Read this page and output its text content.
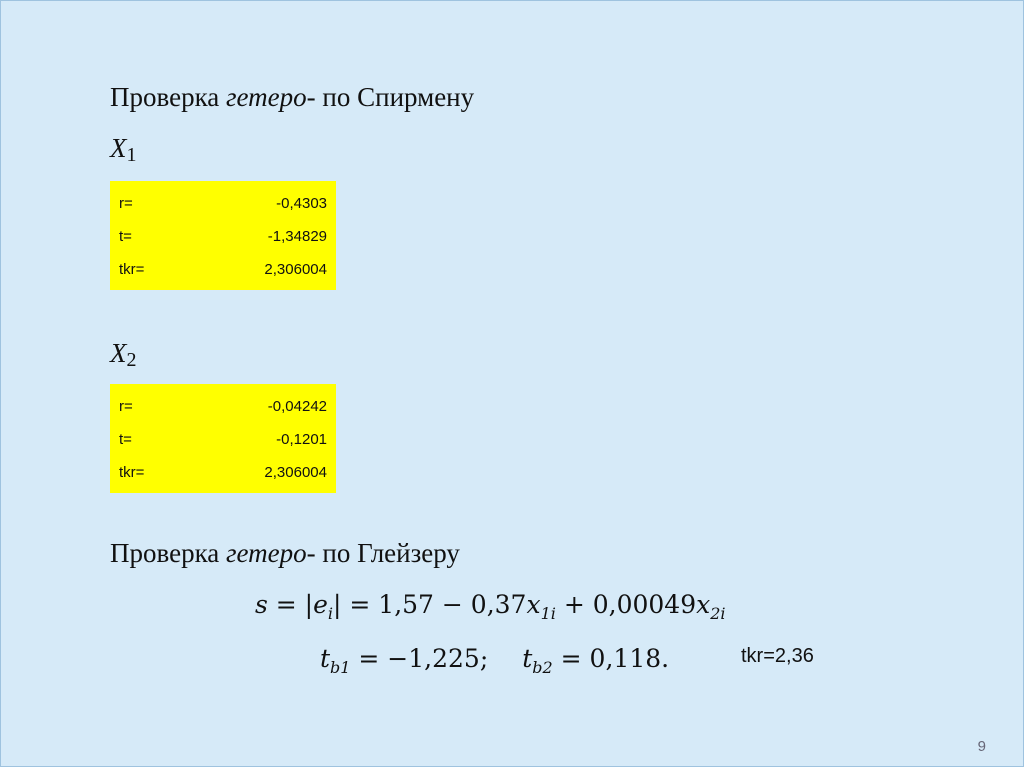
Проверка гетеро- по Спирмену
$X_1$
r=	-0,4303
t=	-1,34829
tkr=	2,306004
$X_2$
r=	-0,04242
t=	-0,1201
tkr=	2,306004
Проверка гетеро- по Глейзеру
$s = |e_i| = 1,57 - 0,37x_{1i} + 0,00049x_{2i}$
$t_{b1} = -1,225$; $t_{b2} = 0,118$.	tkr=2,36
9
